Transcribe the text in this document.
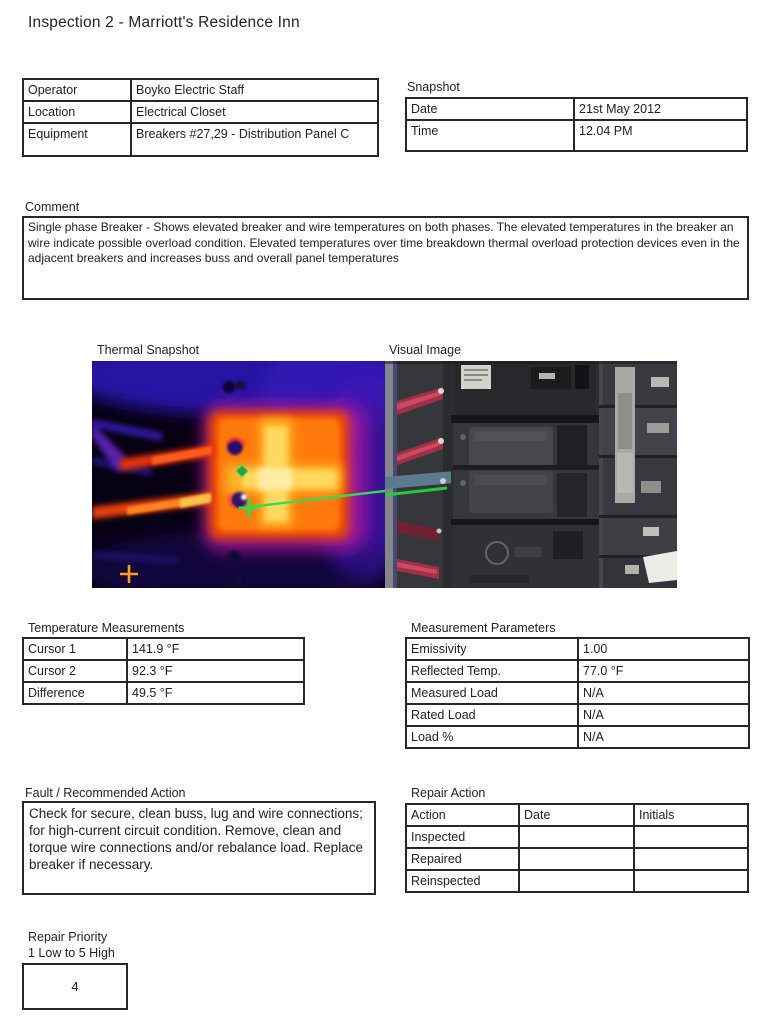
Inspection 2 - Marriott's Residence Inn
Operator	Boyko Electric Staff
Location	Electrical Closet
Equipment	Breakers #27,29 - Distribution Panel C
Snapshot
Date	21st May 2012
Time	12.04 PM
Comment
Single phase Breaker - Shows elevated breaker and wire temperatures on both phases. The elevated temperatures in the breaker an wire indicate possible overload condition. Elevated temperatures over time breakdown thermal overload protection devices even in the adjacent breakers and increases buss and overall panel temperatures
Thermal Snapshot	Visual Image
Temperature Measurements
Cursor 1	141.9 °F
Cursor 2	92.3 °F
Difference	49.5 °F
Measurement Parameters
Emissivity	1.00
Reflected Temp.	77.0 °F
Measured Load	N/A
Rated Load	N/A
Load %	N/A
Fault / Recommended Action
Check for secure, clean buss, lug and wire connections; for high-current circuit condition. Remove, clean and torque wire connections and/or rebalance load. Replace breaker if necessary.
Repair Action
Action	Date	Initials
Inspected		
Repaired		
Reinspected		
Repair Priority
1 Low to 5 High
4
